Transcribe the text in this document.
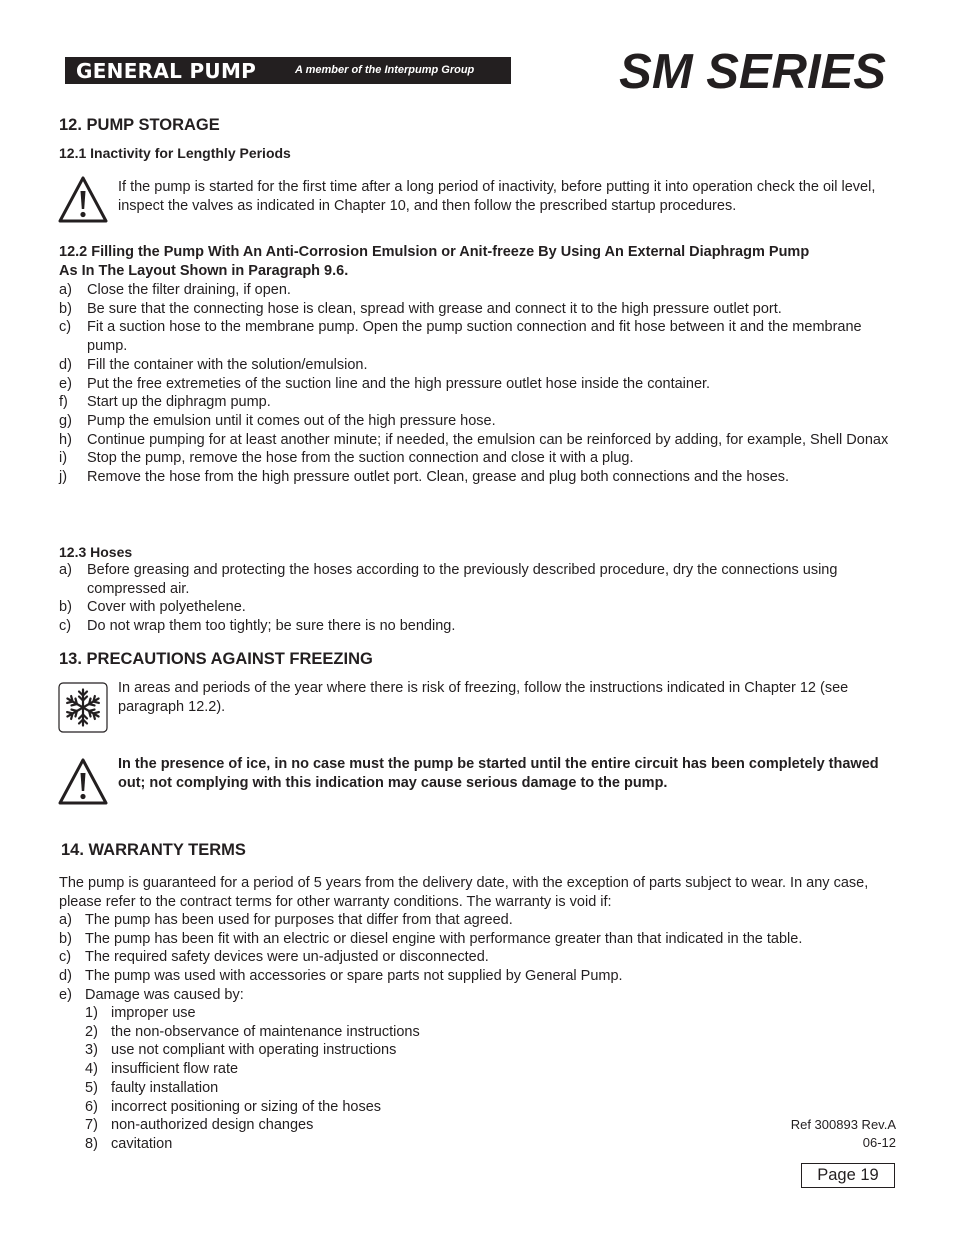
GENERAL PUMP	A member of the Interpump Group	SM SERIES
12. PUMP STORAGE
12.1 Inactivity for Lengthly Periods
If the pump is started for the first time after a long period of inactivity, before putting it into operation check the oil level, inspect the valves as indicated in Chapter 10, and then follow the prescribed startup procedures.
12.2 Filling the Pump With An Anti-Corrosion Emulsion or Anit-freeze By Using An External Diaphragm Pump
As In The Layout Shown in Paragraph 9.6.
a) Close the filter draining, if open.
b) Be sure that the connecting hose is clean, spread with grease and connect it to the high pressure outlet port.
c) Fit a suction hose to the membrane pump. Open the pump suction connection and fit hose between it and the membrane pump.
d) Fill the container with the solution/emulsion.
e) Put the free extremeties of the suction line and the high pressure outlet hose inside the container.
f) Start up the diphragm pump.
g) Pump the emulsion until it comes out of the high pressure hose.
h) Continue pumping for at least another minute; if needed, the emulsion can be reinforced by adding, for example, Shell Donax
i) Stop the pump, remove the hose from the suction connection and close it with a plug.
j) Remove the hose from the high pressure outlet port. Clean, grease and plug both connections and the hoses.
12.3 Hoses
a) Before greasing and protecting the hoses according to the previously described procedure, dry the connections using compressed air.
b) Cover with polyethelene.
c) Do not wrap them too tightly; be sure there is no bending.
13. PRECAUTIONS AGAINST FREEZING
In areas and periods of the year where there is risk of freezing, follow the instructions indicated in Chapter 12 (see paragraph 12.2).
In the presence of ice, in no case must the pump be started until the entire circuit has been completely thawed out; not complying with this indication may cause serious damage to the pump.
14. WARRANTY TERMS
The pump is guaranteed for a period of 5 years from the delivery date, with the exception of parts subject to wear. In any case, please refer to the contract terms for other warranty conditions. The warranty is void if:
a) The pump has been used for purposes that differ from that agreed.
b) The pump has been fit with an electric or diesel engine with performance greater than that indicated in the table.
c) The required safety devices were un-adjusted or disconnected.
d) The pump was used with accessories or spare parts not supplied by General Pump.
e) Damage was caused by:
1) improper use
2) the non-observance of maintenance instructions
3) use not compliant with operating instructions
4) insufficient flow rate
5) faulty installation
6) incorrect positioning or sizing of the hoses
7) non-authorized design changes
8) cavitation
Ref 300893 Rev.A
06-12
Page 19
